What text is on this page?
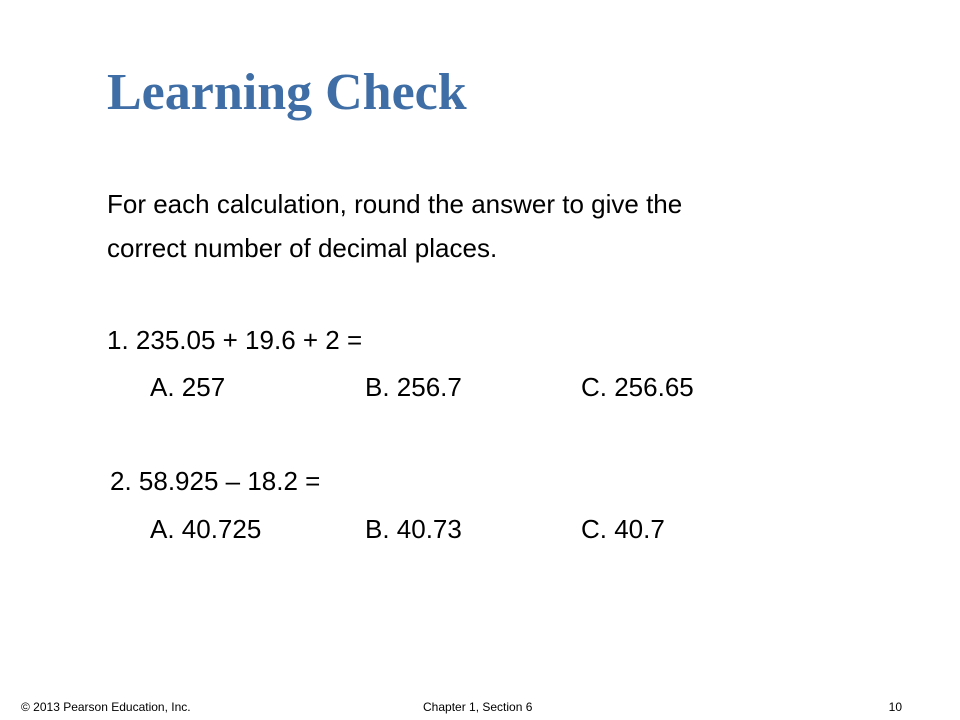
Learning Check
For each calculation, round the answer to give the
correct number of decimal places.
1. 235.05 + 19.6 + 2 =
A. 257	B. 256.7	C. 256.65
2. 58.925 – 18.2 =
A. 40.725	B. 40.73	C. 40.7
© 2013 Pearson Education, Inc.	Chapter 1, Section 6	10
